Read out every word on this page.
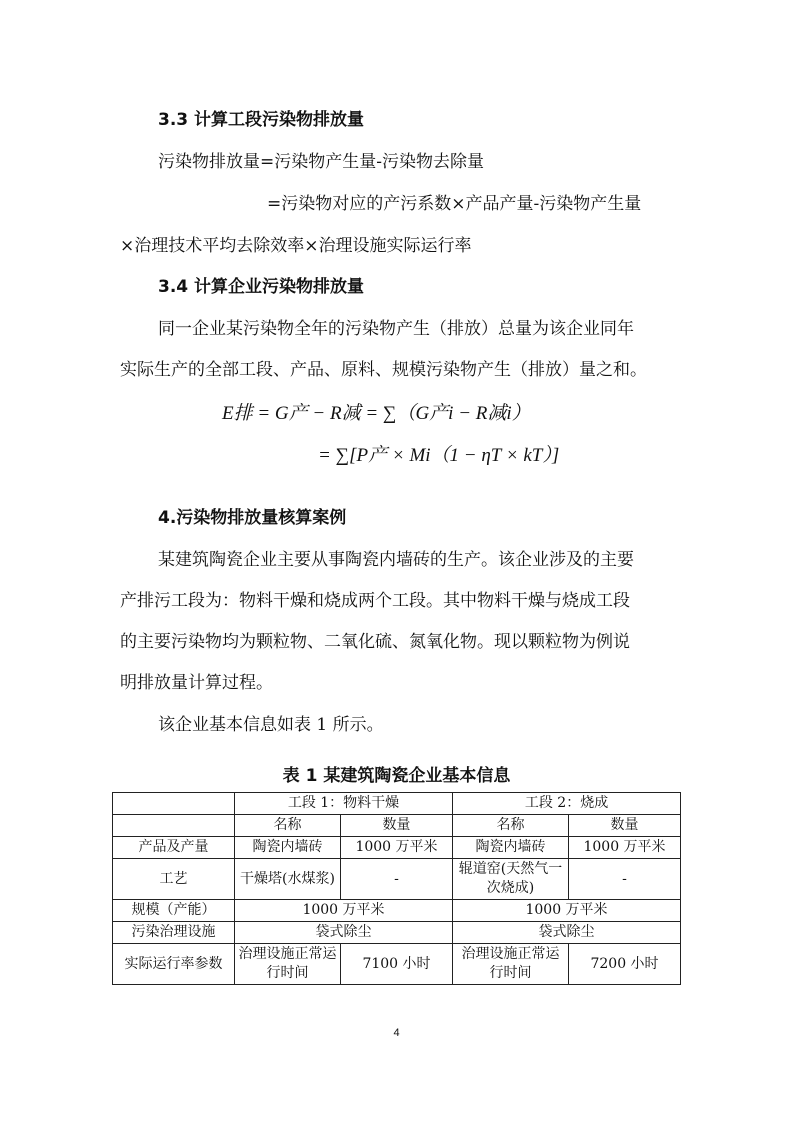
3.3 计算工段污染物排放量
污染物排放量=污染物产生量-污染物去除量
=污染物对应的产污系数×产品产量-污染物产生量
×治理技术平均去除效率×治理设施实际运行率
3.4 计算企业污染物排放量
同一企业某污染物全年的污染物产生（排放）总量为该企业同年
实际生产的全部工段、产品、原料、规模污染物产生（排放）量之和。
E排 = G产 − R减 = ∑（G产i − R减i）
= ∑[P产 × Mi（1 − ηT × kT）]
4.污染物排放量核算案例
某建筑陶瓷企业主要从事陶瓷内墙砖的生产。该企业涉及的主要
产排污工段为：物料干燥和烧成两个工段。其中物料干燥与烧成工段
的主要污染物均为颗粒物、二氧化硫、氮氧化物。现以颗粒物为例说
明排放量计算过程。
该企业基本信息如表 1 所示。
表 1 某建筑陶瓷企业基本信息
	工段 1：物料干燥		工段 2：烧成	
	名称	数量	名称	数量
产品及产量	陶瓷内墙砖	1000 万平米	陶瓷内墙砖	1000 万平米
工艺	干燥塔(水煤浆)	-	辊道窑(天然气一次烧成)	-
规模（产能）	1000 万平米		1000 万平米	
污染治理设施	袋式除尘		袋式除尘	
实际运行率参数	治理设施正常运行时间	7100 小时	治理设施正常运行时间	7200 小时
4
